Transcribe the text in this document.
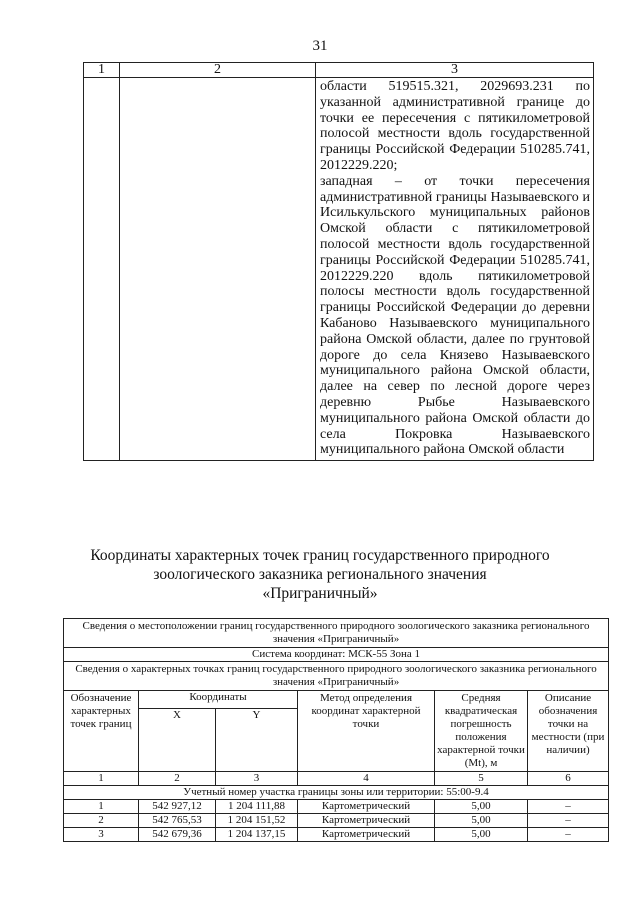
31
1	2	3

		области 519515.321, 2029693.231 по указанной административной границе до точки ее пересечения с пятикилометровой полосой местности вдоль государственной границы Российской Федерации 510285.741, 2012229.220;
западная – от точки пересечения административной границы Называевского и Исилькульского муниципальных районов Омской области с пятикилометровой полосой местности вдоль государственной границы Российской Федерации 510285.741, 2012229.220 вдоль пятикилометровой полосы местности вдоль государственной границы Российской Федерации до деревни Кабаново Называевского муниципального района Омской области, далее по грунтовой дороге до села Князево Называевского муниципального района Омской области, далее на север по лесной дороге через деревню Рыбье Называевского муниципального района Омской области до села Покровка Называевского муниципального района Омской области
Координаты характерных точек границ государственного природного
зоологического заказника регионального значения
«Приграничный»
Сведения о местоположении границ государственного природного зоологического заказника регионального значения «Приграничный»					
Система координат: МСК-55 Зона 1					
Сведения о характерных точках границ государственного природного зоологического заказника регионального значения «Приграничный»					
Обозначение характерных точек границ	Координаты		Метод определения координат характерной точки	Средняя квадратическая погрешность положения характерной точки (Mt), м	Описание обозначения точки на местности (при наличии)
	X	Y			
1	2	3	4	5	6
Учетный номер участка границы зоны или территории: 55:00-9.4					
1	542 927,12	1 204 111,88	Картометрический	5,00	–
2	542 765,53	1 204 151,52	Картометрический	5,00	–
3	542 679,36	1 204 137,15	Картометрический	5,00	–
